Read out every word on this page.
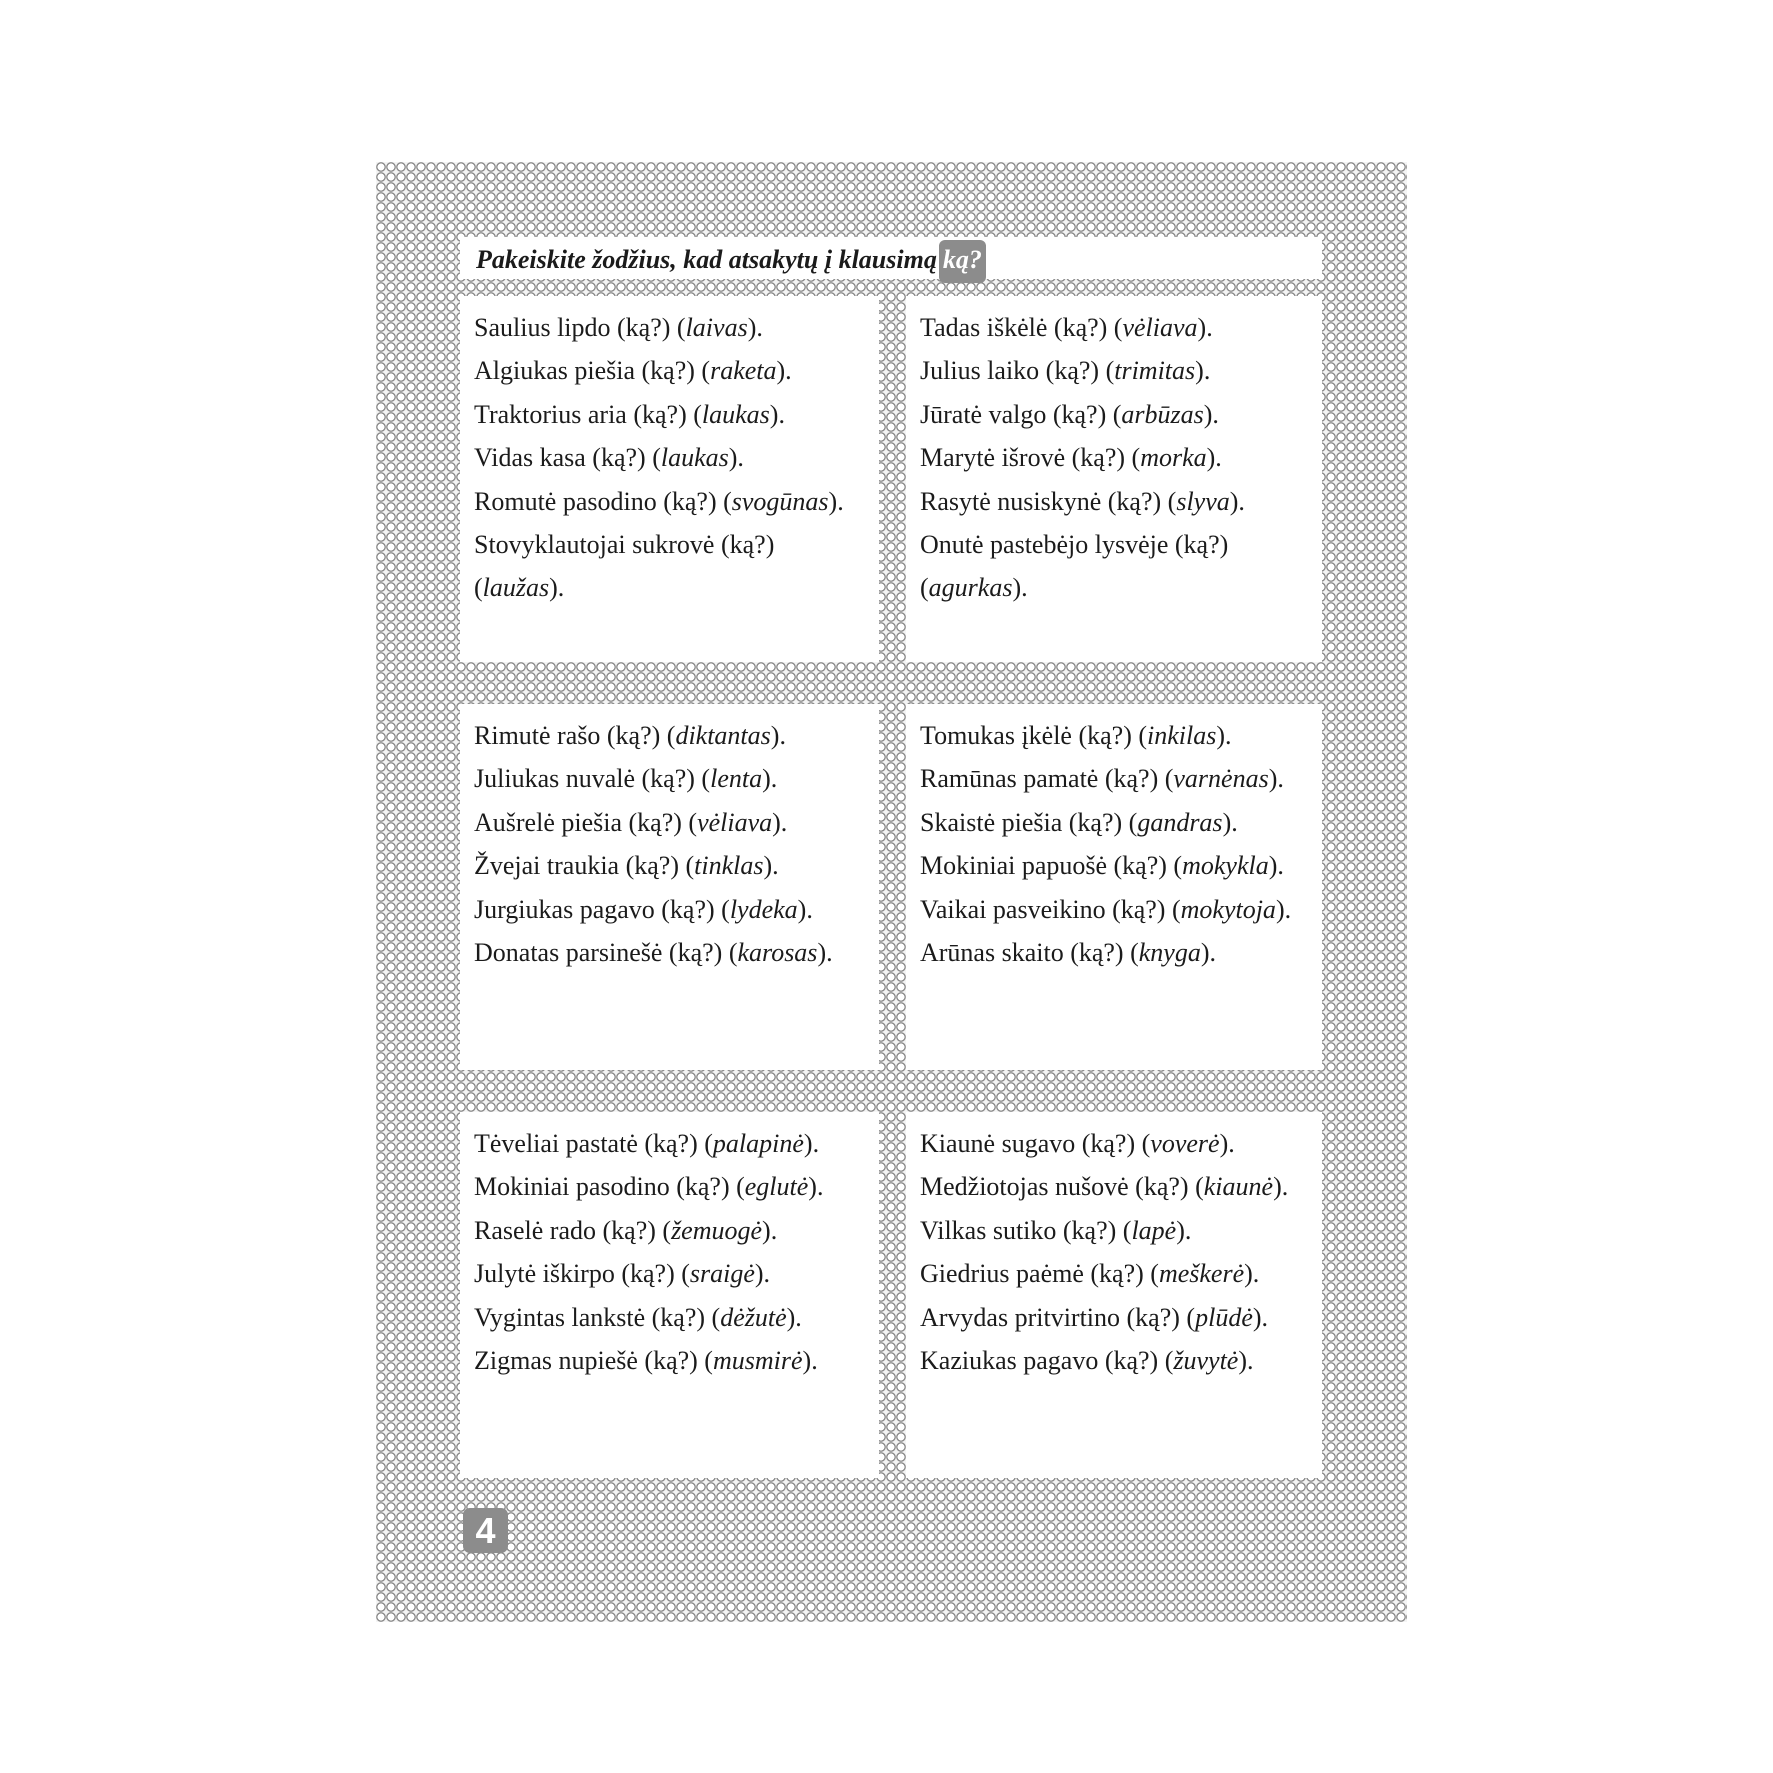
Pakeiskite žodžius, kad atsakytų į klausimą ką?

Saulius lipdo (ką?) (laivas).
Algiukas piešia (ką?) (raketa).
Traktorius aria (ką?) (laukas).
Vidas kasa (ką?) (laukas).
Romutė pasodino (ką?) (svogūnas).
Stovyklautojai sukrovė (ką?)
(laužas).
Tadas iškėlė (ką?) (vėliava).
Julius laiko (ką?) (trimitas).
Jūratė valgo (ką?) (arbūzas).
Marytė išrovė (ką?) (morka).
Rasytė nusiskynė (ką?) (slyva).
Onutė pastebėjo lysvėje (ką?)
(agurkas).
Rimutė rašo (ką?) (diktantas).
Juliukas nuvalė (ką?) (lenta).
Aušrelė piešia (ką?) (vėliava).
Žvejai traukia (ką?) (tinklas).
Jurgiukas pagavo (ką?) (lydeka).
Donatas parsinešė (ką?) (karosas).
Tomukas įkėlė (ką?) (inkilas).
Ramūnas pamatė (ką?) (varnėnas).
Skaistė piešia (ką?) (gandras).
Mokiniai papuošė (ką?) (mokykla).
Vaikai pasveikino (ką?) (mokytoja).
Arūnas skaito (ką?) (knyga).
Tėveliai pastatė (ką?) (palapinė).
Mokiniai pasodino (ką?) (eglutė).
Raselė rado (ką?) (žemuogė).
Julytė iškirpo (ką?) (sraigė).
Vygintas lankstė (ką?) (dėžutė).
Zigmas nupiešė (ką?) (musmirė).
Kiaunė sugavo (ką?) (voverė).
Medžiotojas nušovė (ką?) (kiaunė).
Vilkas sutiko (ką?) (lapė).
Giedrius paėmė (ką?) (meškerė).
Arvydas pritvirtino (ką?) (plūdė).
Kaziukas pagavo (ką?) (žuvytė).
4
